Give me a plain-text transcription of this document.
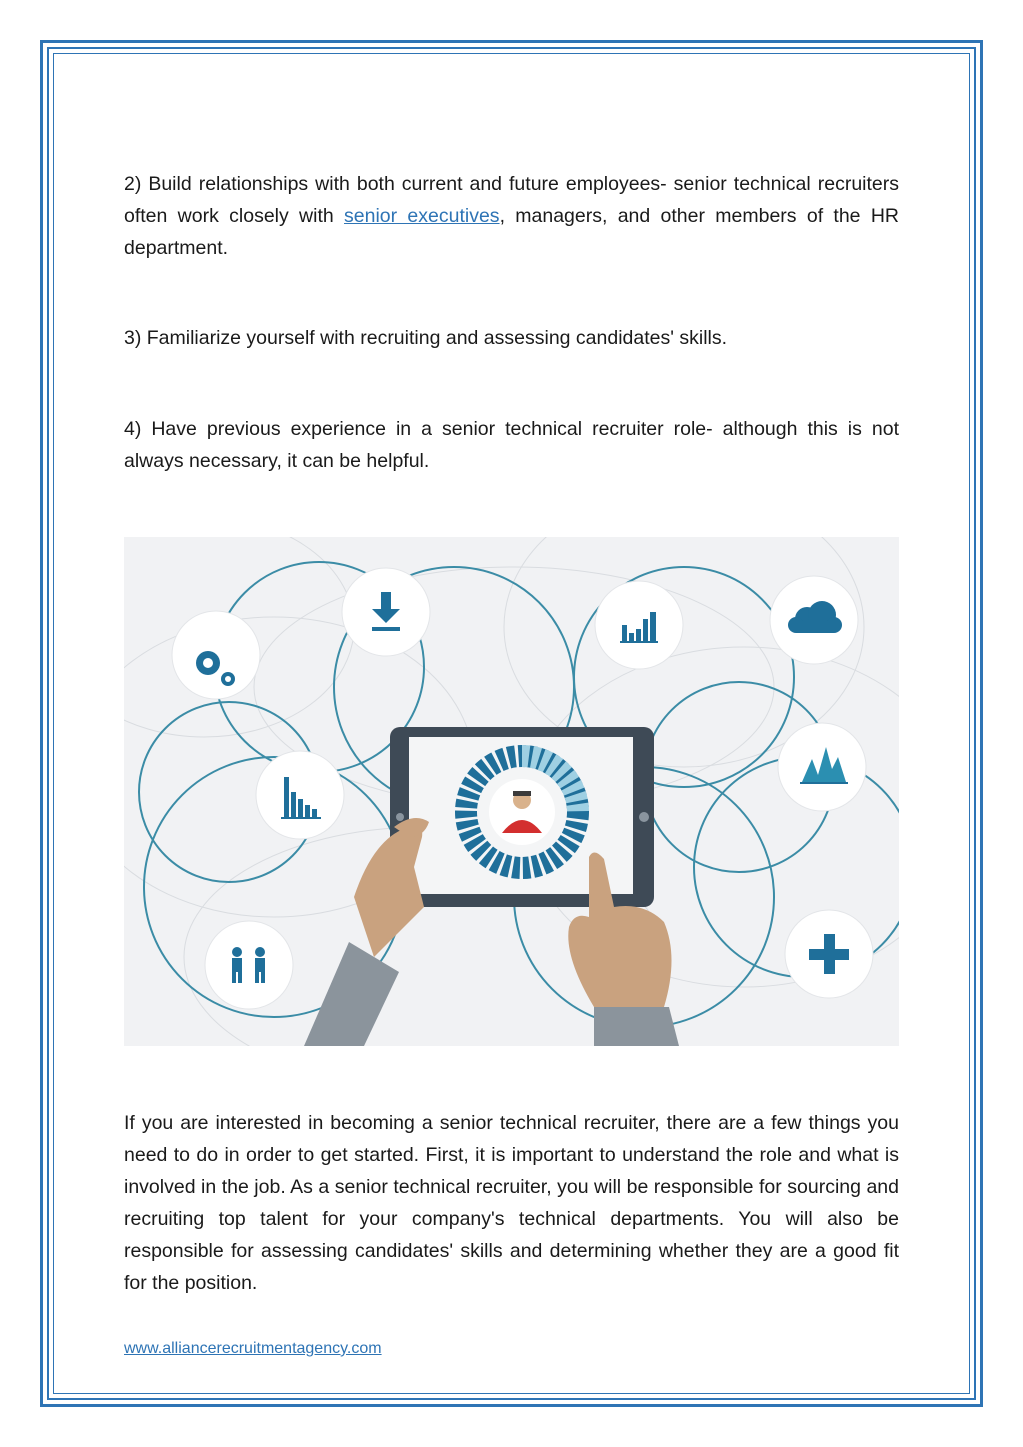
2) Build relationships with both current and future employees- senior technical recruiters often work closely with senior executives, managers, and other members of the HR department.

3) Familiarize yourself with recruiting and assessing candidates' skills.

4) Have previous experience in a senior technical recruiter role- although this is not always necessary, it can be helpful.

If you are interested in becoming a senior technical recruiter, there are a few things you need to do in order to get started. First, it is important to understand the role and what is involved in the job. As a senior technical recruiter, you will be responsible for sourcing and recruiting top talent for your company's technical departments. You will also be responsible for assessing candidates' skills and determining whether they are a good fit for the position.

www.alliancerecruitmentagency.com
